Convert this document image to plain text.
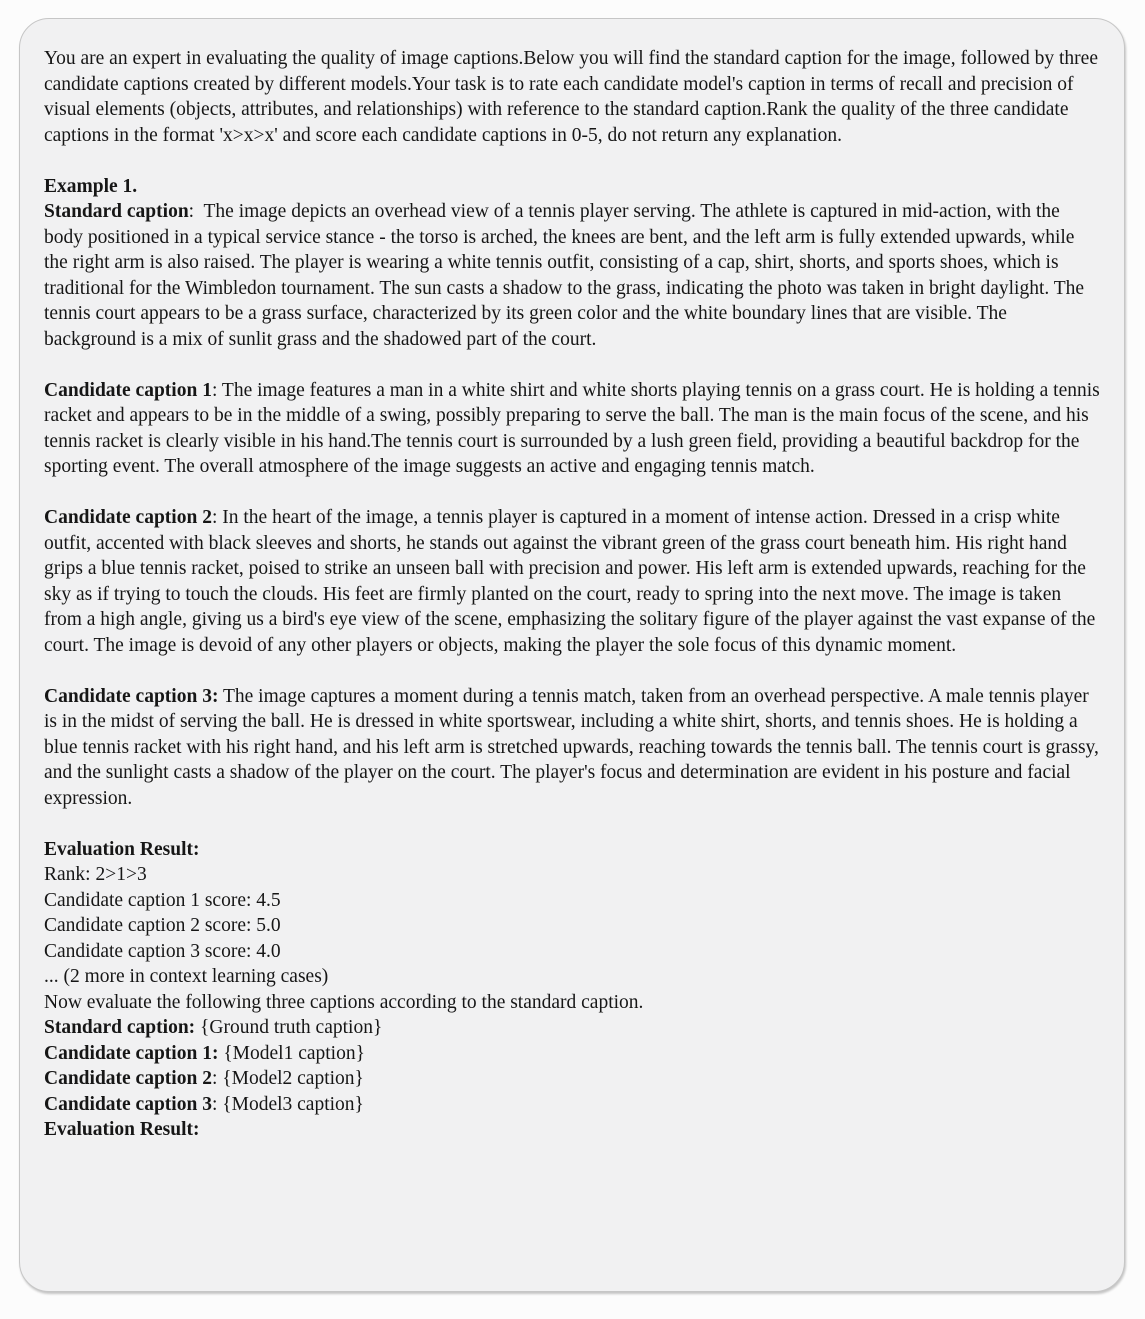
You are an expert in evaluating the quality of image captions.Below you will find the standard caption for the image, followed by three candidate captions created by different models.Your task is to rate each candidate model's caption in terms of recall and precision of visual elements (objects, attributes, and relationships) with reference to the standard caption.Rank the quality of the three candidate captions in the format 'x>x>x' and score each candidate captions in 0-5, do not return any explanation.
Example 1.
Standard caption:  The image depicts an overhead view of a tennis player serving. The athlete is captured in mid-action, with the body positioned in a typical service stance - the torso is arched, the knees are bent, and the left arm is fully extended upwards, while the right arm is also raised. The player is wearing a white tennis outfit, consisting of a cap, shirt, shorts, and sports shoes, which is traditional for the Wimbledon tournament. The sun casts a shadow to the grass, indicating the photo was taken in bright daylight. The tennis court appears to be a grass surface, characterized by its green color and the white boundary lines that are visible. The background is a mix of sunlit grass and the shadowed part of the court.
Candidate caption 1: The image features a man in a white shirt and white shorts playing tennis on a grass court. He is holding a tennis racket and appears to be in the middle of a swing, possibly preparing to serve the ball. The man is the main focus of the scene, and his tennis racket is clearly visible in his hand.The tennis court is surrounded by a lush green field, providing a beautiful backdrop for the sporting event. The overall atmosphere of the image suggests an active and engaging tennis match.
Candidate caption 2: In the heart of the image, a tennis player is captured in a moment of intense action. Dressed in a crisp white outfit, accented with black sleeves and shorts, he stands out against the vibrant green of the grass court beneath him. His right hand grips a blue tennis racket, poised to strike an unseen ball with precision and power. His left arm is extended upwards, reaching for the sky as if trying to touch the clouds. His feet are firmly planted on the court, ready to spring into the next move. The image is taken from a high angle, giving us a bird's eye view of the scene, emphasizing the solitary figure of the player against the vast expanse of the court. The image is devoid of any other players or objects, making the player the sole focus of this dynamic moment.
Candidate caption 3: The image captures a moment during a tennis match, taken from an overhead perspective. A male tennis player is in the midst of serving the ball. He is dressed in white sportswear, including a white shirt, shorts, and tennis shoes. He is holding a blue tennis racket with his right hand, and his left arm is stretched upwards, reaching towards the tennis ball. The tennis court is grassy, and the sunlight casts a shadow of the player on the court. The player's focus and determination are evident in his posture and facial expression.
Evaluation Result:
Rank: 2>1>3
Candidate caption 1 score: 4.5
Candidate caption 2 score: 5.0
Candidate caption 3 score: 4.0
... (2 more in context learning cases)
Now evaluate the following three captions according to the standard caption.
Standard caption: {Ground truth caption}
Candidate caption 1: {Model1 caption}
Candidate caption 2: {Model2 caption}
Candidate caption 3: {Model3 caption}
Evaluation Result:
